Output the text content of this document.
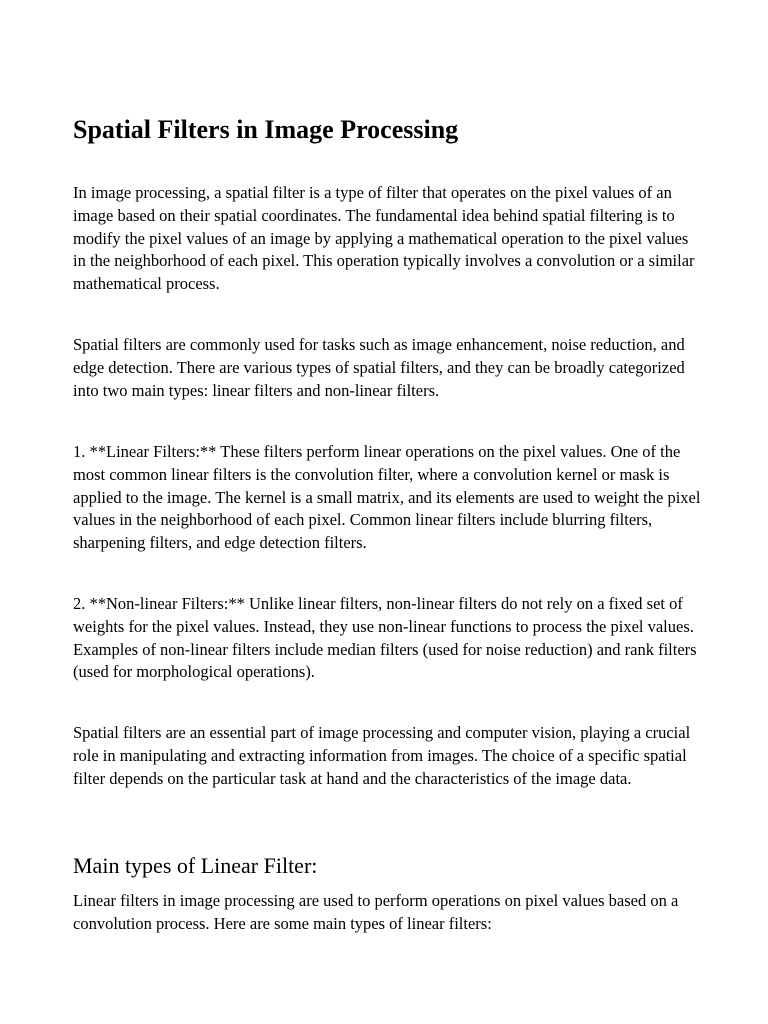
Spatial Filters in Image Processing

In image processing, a spatial filter is a type of filter that operates on the pixel values of an image based on their spatial coordinates. The fundamental idea behind spatial filtering is to modify the pixel values of an image by applying a mathematical operation to the pixel values in the neighborhood of each pixel. This operation typically involves a convolution or a similar mathematical process.

Spatial filters are commonly used for tasks such as image enhancement, noise reduction, and edge detection. There are various types of spatial filters, and they can be broadly categorized into two main types: linear filters and non-linear filters.

1. **Linear Filters:** These filters perform linear operations on the pixel values. One of the most common linear filters is the convolution filter, where a convolution kernel or mask is applied to the image. The kernel is a small matrix, and its elements are used to weight the pixel values in the neighborhood of each pixel. Common linear filters include blurring filters, sharpening filters, and edge detection filters.

2. **Non-linear Filters:** Unlike linear filters, non-linear filters do not rely on a fixed set of weights for the pixel values. Instead, they use non-linear functions to process the pixel values. Examples of non-linear filters include median filters (used for noise reduction) and rank filters (used for morphological operations).

Spatial filters are an essential part of image processing and computer vision, playing a crucial role in manipulating and extracting information from images. The choice of a specific spatial filter depends on the particular task at hand and the characteristics of the image data.

Main types of Linear Filter:

Linear filters in image processing are used to perform operations on pixel values based on a convolution process. Here are some main types of linear filters:
